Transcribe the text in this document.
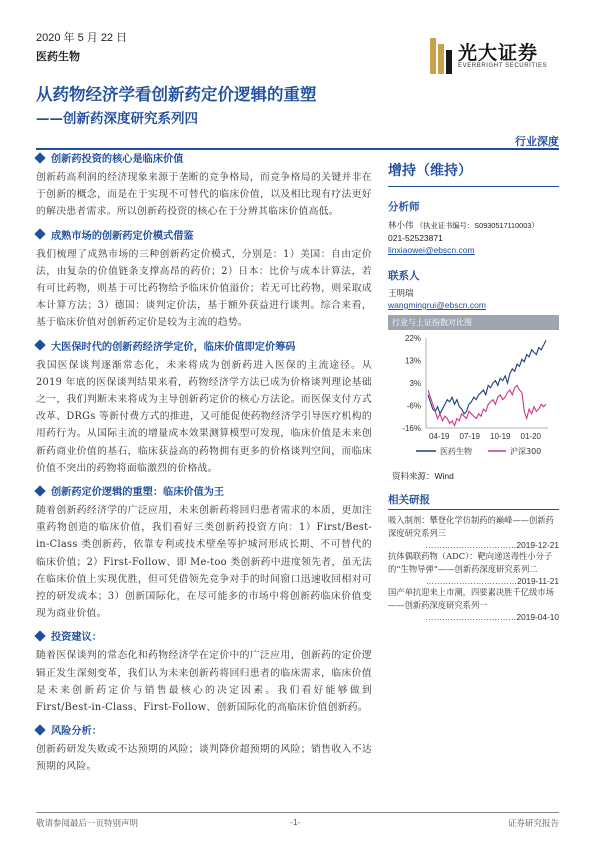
2020 年 5 月 22 日
医药生物	光大证券
EVERBRIGHT SECURITIES
从药物经济学看创新药定价逻辑的重塑
——创新药深度研究系列四
行业深度
创新药投资的核心是临床价值

创新药高利润的经济现象来源于垄断的竞争格局，而竞争格局的关键并非在于创新的概念，而是在于实现不可替代的临床价值，以及相比现有疗法更好的解决患者需求。所以创新药投资的核心在于分辨其临床价值高低。

成熟市场的创新药定价模式借鉴

我们梳理了成熟市场的三种创新药定价模式，分别是：1）美国：自由定价法，由复杂的价值链条支撑高昂的药价；2）日本：比价与成本计算法，若有可比药物，则基于可比药物给予临床价值溢价；若无可比药物，则采取成本计算方法；3）德国：谈判定价法，基于额外获益进行谈判。综合来看，基于临床价值对创新药定价是较为主流的趋势。

大医保时代的创新药经济学定价，临床价值即定价筹码

我国医保谈判逐渐常态化，未来将成为创新药进入医保的主流途径。从2019 年底的医保谈判结果来看，药物经济学方法已成为价格谈判理论基础之一，我们判断未来将成为主导创新药定价的核心方法论。而医保支付方式改革、DRGs 等新付费方式的推进，又可能促使药物经济学引导医疗机构的用药行为。从国际主流的增量成本效果测算模型可发现，临床价值是未来创新药商业价值的基石，临床获益高的药物拥有更多的价格谈判空间，而临床价值不突出的药物将面临激烈的价格战。

创新药定价逻辑的重塑：临床价值为王

随着创新药经济学的广泛应用，未来创新药将回归患者需求的本质，更加注重药物创造的临床价值，我们看好三类创新药投资方向：1）First/Best-in-Class 类创新药，依靠专利或技术壁垒等护城河形成长期、不可替代的临床价值；2）First-Follow、即 Me-too 类创新药中进度领先者，虽无法在临床价值上实现优胜，但可凭借领先竞争对手的时间窗口迅速收回相对可控的研发成本；3）创新国际化，在尽可能多的市场中将创新药临床价值变现为商业价值。

投资建议：

随着医保谈判的常态化和药物经济学在定价中的广泛应用，创新药的定价逻辑正发生深刻变革，我们认为未来创新药将回归患者的临床需求，临床价值是未来创新药定价与销售最核心的决定因素。我们看好能够做到First/Best-in-Class、First-Follow、创新国际化的高临床价值创新药。

风险分析：

创新药研发失败或不达预期的风险；谈判降价超预期的风险；销售收入不达预期的风险。

增持（维持）
分析师
林小伟 （执业证书编号：S0930517110003）
021-52523871
linxiaowei@ebscn.com
联系人
王明瑞
wangmingrui@ebscn.com
行业与上证指数对比图
22%
13%
3%
-6%
-16%
04-19 07-19 10-19 01-20
医药生物	沪深300
资料来源：Wind
相关研报
吸入制剂：攀登化学仿制药的巅峰——创新药深度研究系列三
……………………………2019-12-21
抗体偶联药物（ADC）：靶向递送毒性小分子的“生物导弹”——创新药深度研究系列二
……………………………2019-11-21
国产单抗迎来上市潮，四要素决胜千亿级市场——创新药深度研究系列一
……………………………2019-04-10
敬请参阅最后一页特别声明	-1-	证券研究报告
